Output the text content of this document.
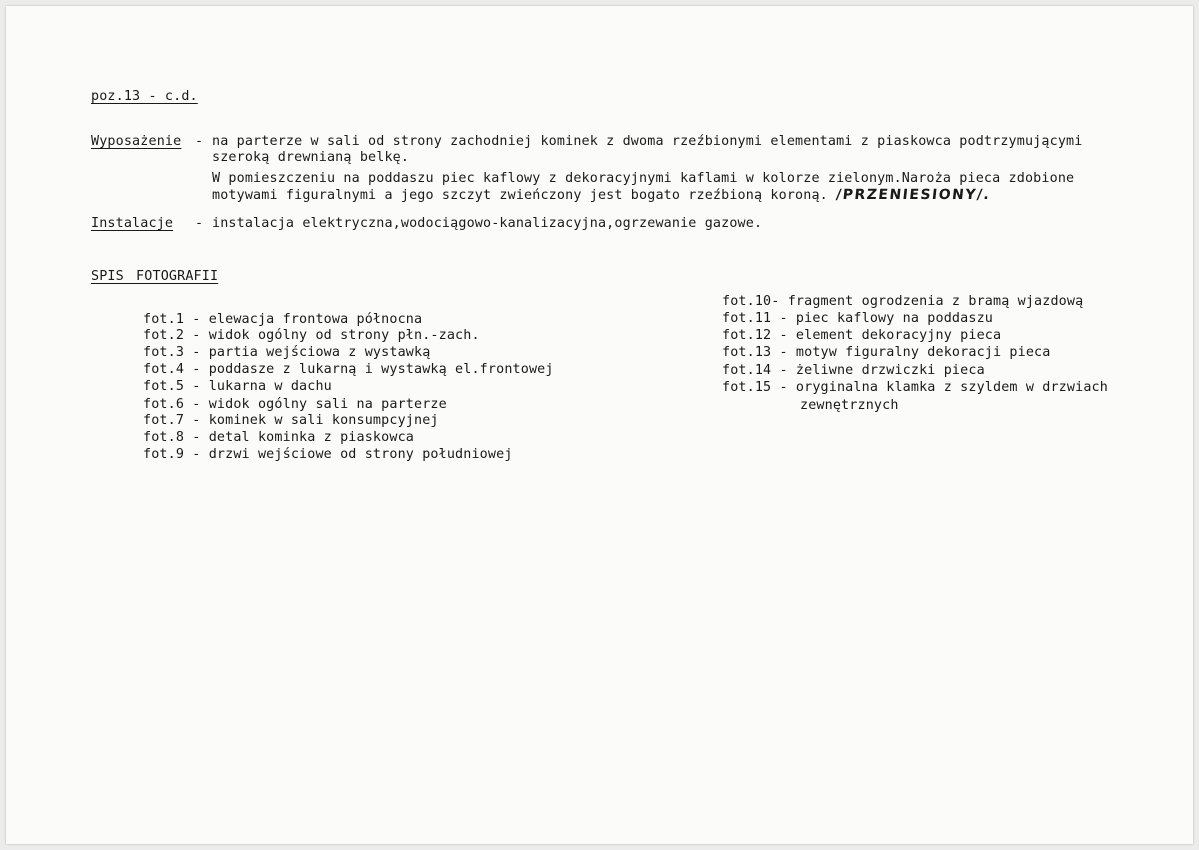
poz.13 - c.d.
Wyposażenie - na parterze w sali od strony zachodniej kominek z dwoma rzeźbionymi elementami z piaskowca podtrzymującymi
szeroką drewnianą belkę.
W pomieszczeniu na poddaszu piec kaflowy z dekoracyjnymi kaflami w kolorze zielonym.Naroża pieca zdobione
motywami figuralnymi a jego szczyt zwieńczony jest bogato rzeźbioną koroną. /PRZENIESIONY/.
Instalacje - instalacja elektryczna,wodociągowo-kanalizacyjna,ogrzewanie gazowe.
SPIS FOTOGRAFII
fot.1 - elewacja frontowa północna
fot.2 - widok ogólny od strony płn.-zach.
fot.3 - partia wejściowa z wystawką
fot.4 - poddasze z lukarną i wystawką el.frontowej
fot.5 - lukarna w dachu
fot.6 - widok ogólny sali na parterze
fot.7 - kominek w sali konsumpcyjnej
fot.8 - detal kominka z piaskowca
fot.9 - drzwi wejściowe od strony południowej
fot.10- fragment ogrodzenia z bramą wjazdową
fot.11 - piec kaflowy na poddaszu
fot.12 - element dekoracyjny pieca
fot.13 - motyw figuralny dekoracji pieca
fot.14 - żeliwne drzwiczki pieca
fot.15 - oryginalna klamka z szyldem w drzwiach
zewnętrznych
